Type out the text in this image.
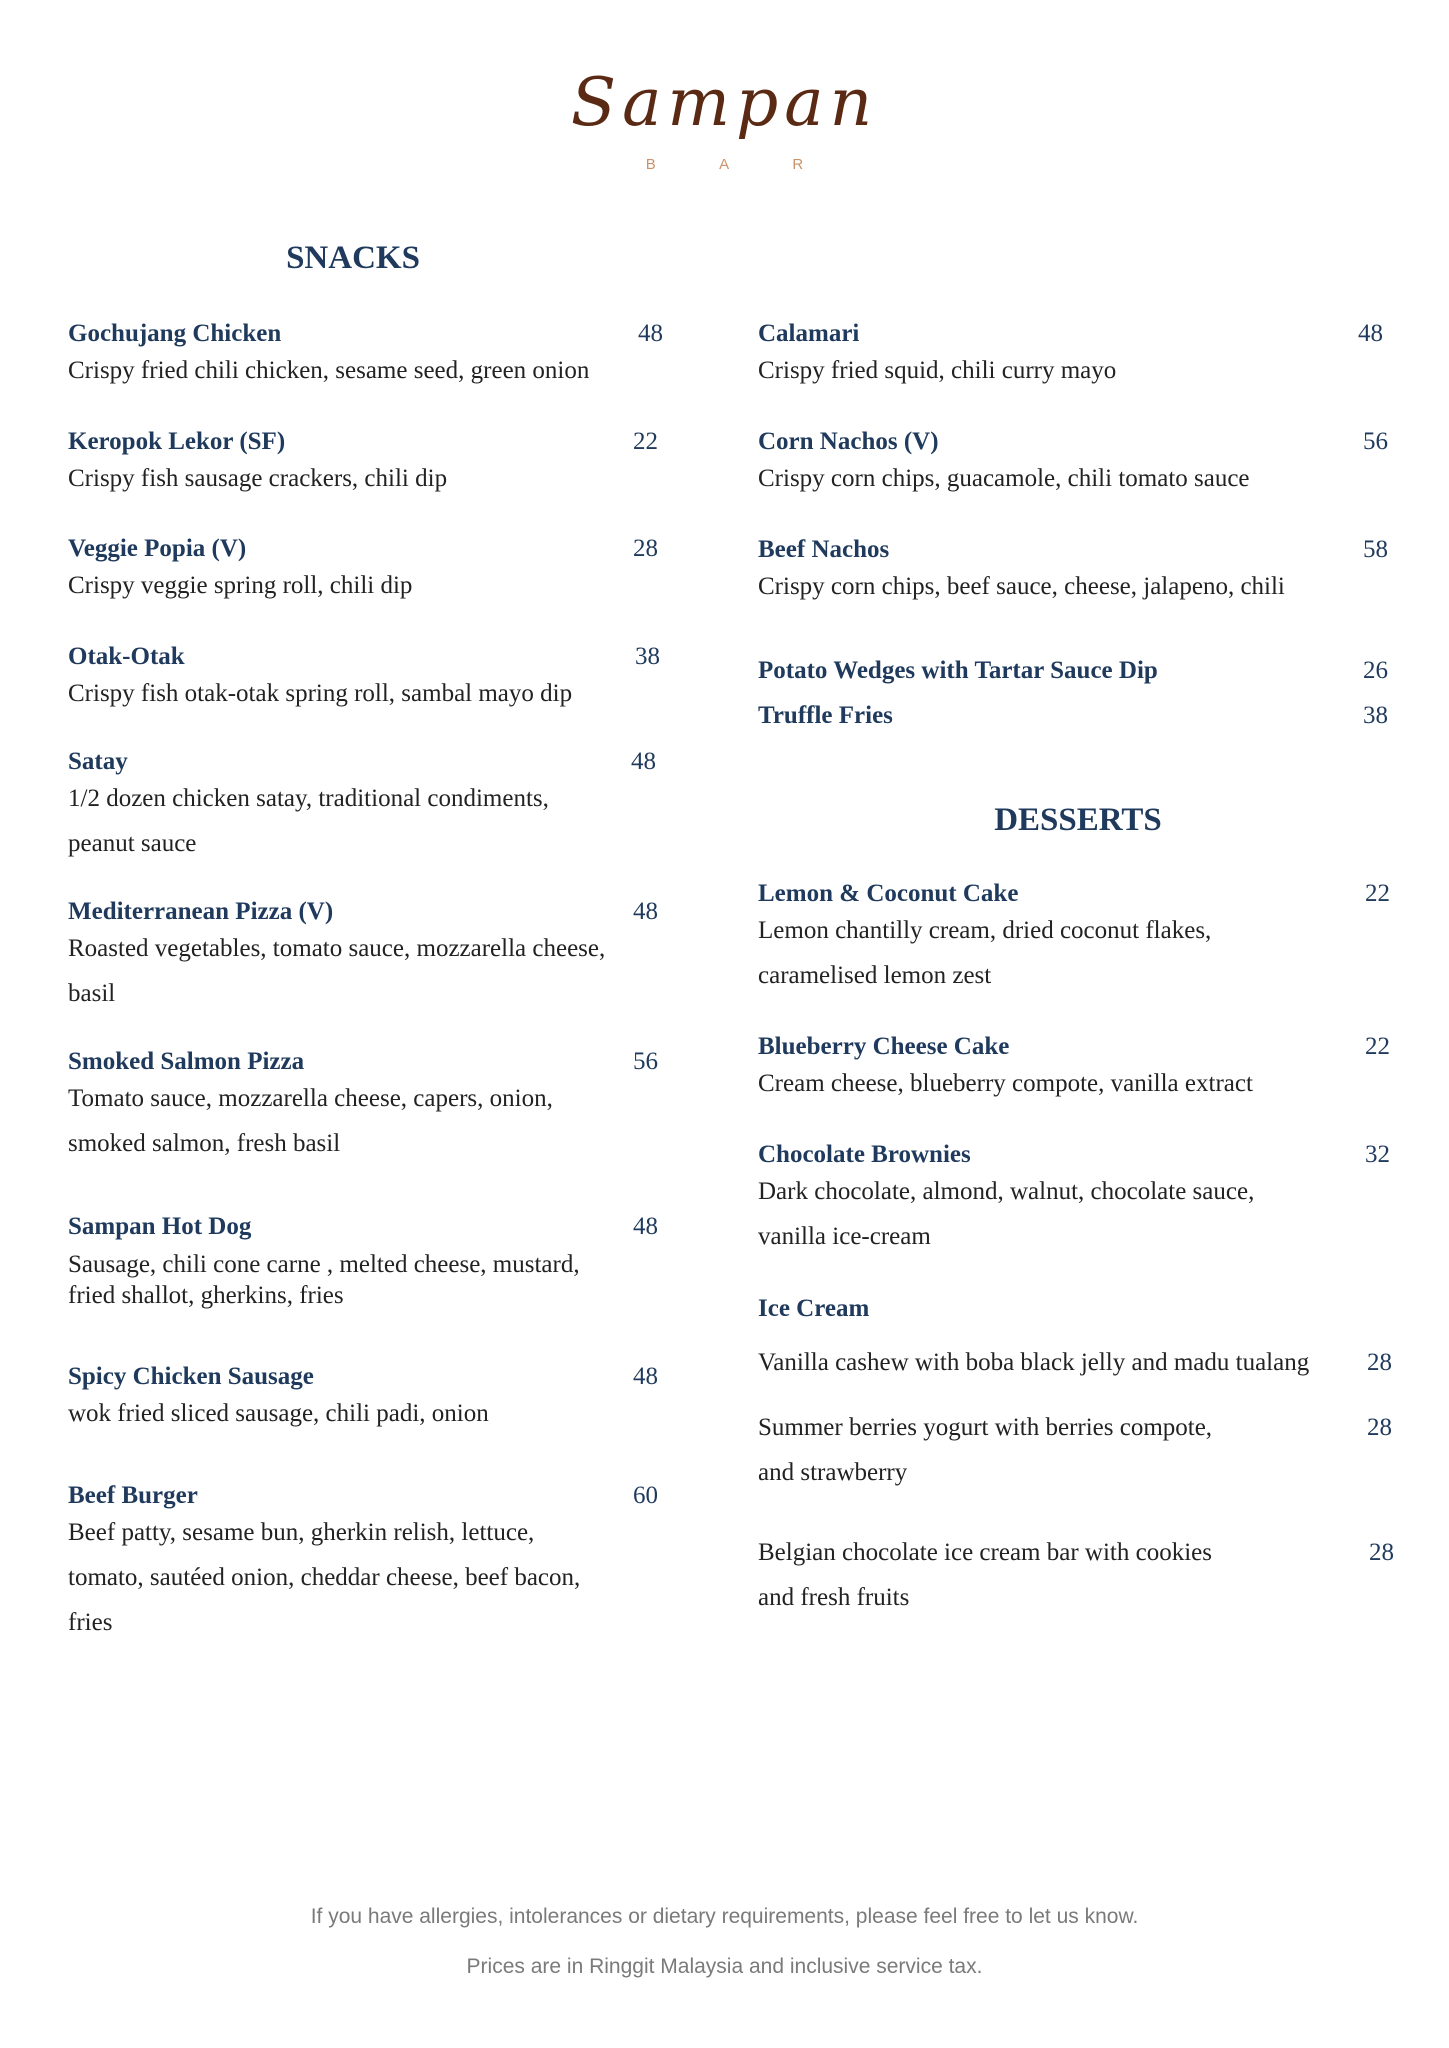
Sampan
B A R
SNACKS
Gochujang Chicken	48
Crispy fried chili chicken, sesame seed, green onion
Keropok Lekor (SF)	22
Crispy fish sausage crackers, chili dip
Veggie Popia (V)	28
Crispy veggie spring roll, chili dip
Otak-Otak	38
Crispy fish otak-otak spring roll, sambal mayo dip
Satay	48
1/2 dozen chicken satay, traditional condiments,
peanut sauce
Mediterranean Pizza (V)	48
Roasted vegetables, tomato sauce, mozzarella cheese,
basil
Smoked Salmon Pizza	56
Tomato sauce, mozzarella cheese, capers, onion,
smoked salmon, fresh basil
Sampan Hot Dog	48
Sausage, chili cone carne , melted cheese, mustard,
fried shallot, gherkins, fries
Spicy Chicken Sausage	48
wok fried sliced sausage, chili padi, onion
Beef Burger	60
Beef patty, sesame bun, gherkin relish, lettuce,
tomato, sautéed onion, cheddar cheese, beef bacon,
fries
Calamari	48
Crispy fried squid, chili curry mayo
Corn Nachos (V)	56
Crispy corn chips, guacamole, chili tomato sauce
Beef Nachos	58
Crispy corn chips, beef sauce, cheese, jalapeno, chili
Potato Wedges with Tartar Sauce Dip	26
Truffle Fries	38
DESSERTS
Lemon & Coconut Cake	22
Lemon chantilly cream, dried coconut flakes,
caramelised lemon zest
Blueberry Cheese Cake	22
Cream cheese, blueberry compote, vanilla extract
Chocolate Brownies	32
Dark chocolate, almond, walnut, chocolate sauce,
vanilla ice-cream
Ice Cream
Vanilla cashew with boba black jelly and madu tualang 28
Summer berries yogurt with berries compote,	28
and strawberry
Belgian chocolate ice cream bar with cookies	28
and fresh fruits
If you have allergies, intolerances or dietary requirements, please feel free to let us know.
Prices are in Ringgit Malaysia and inclusive service tax.
